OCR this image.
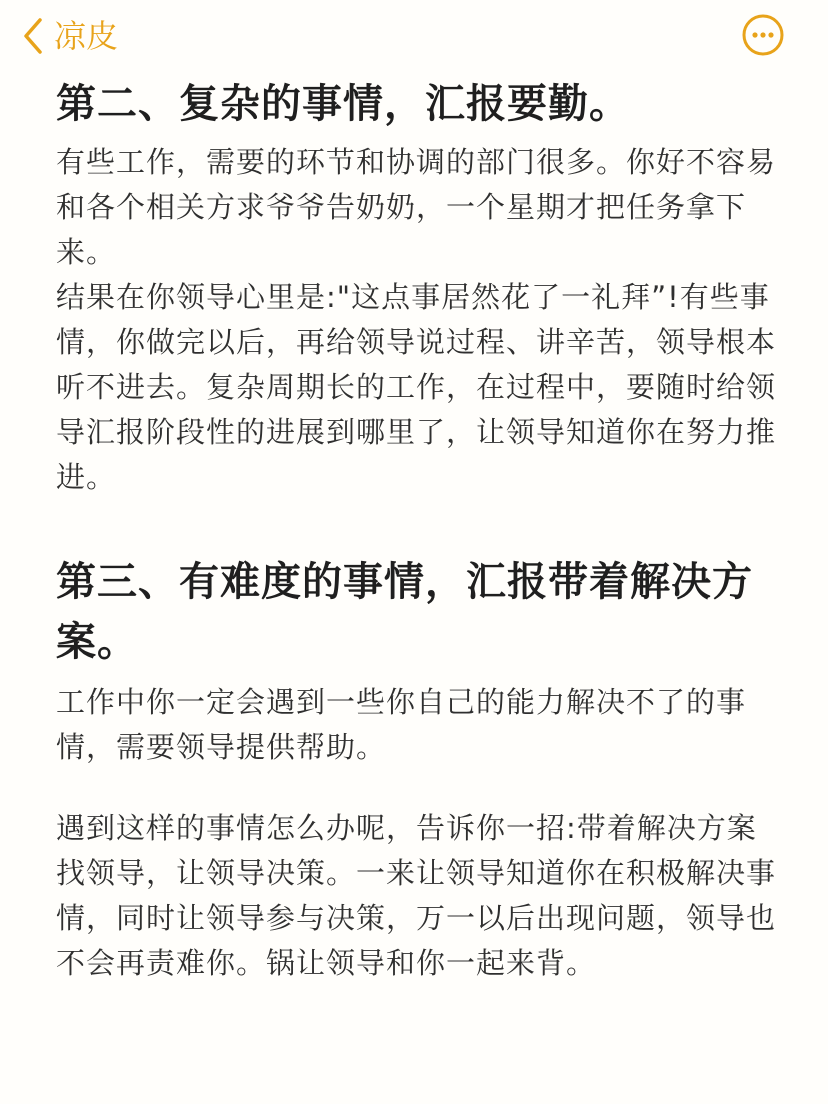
凉皮
第二、复杂的事情，汇报要勤。

有些工作，需要的环节和协调的部门很多。你好不容易和各个相关方求爷爷告奶奶，一个星期才把任务拿下来。

结果在你领导心里是:"这点事居然花了一礼拜”!有些事情，你做完以后，再给领导说过程、讲辛苦，领导根本听不进去。复杂周期长的工作，在过程中，要随时给领导汇报阶段性的进展到哪里了，让领导知道你在努力推进。

第三、有难度的事情，汇报带着解决方案。

工作中你一定会遇到一些你自己的能力解决不了的事情，需要领导提供帮助。

遇到这样的事情怎么办呢，告诉你一招:带着解决方案找领导，让领导决策。一来让领导知道你在积极解决事情，同时让领导参与决策，万一以后出现问题，领导也不会再责难你。锅让领导和你一起来背。
